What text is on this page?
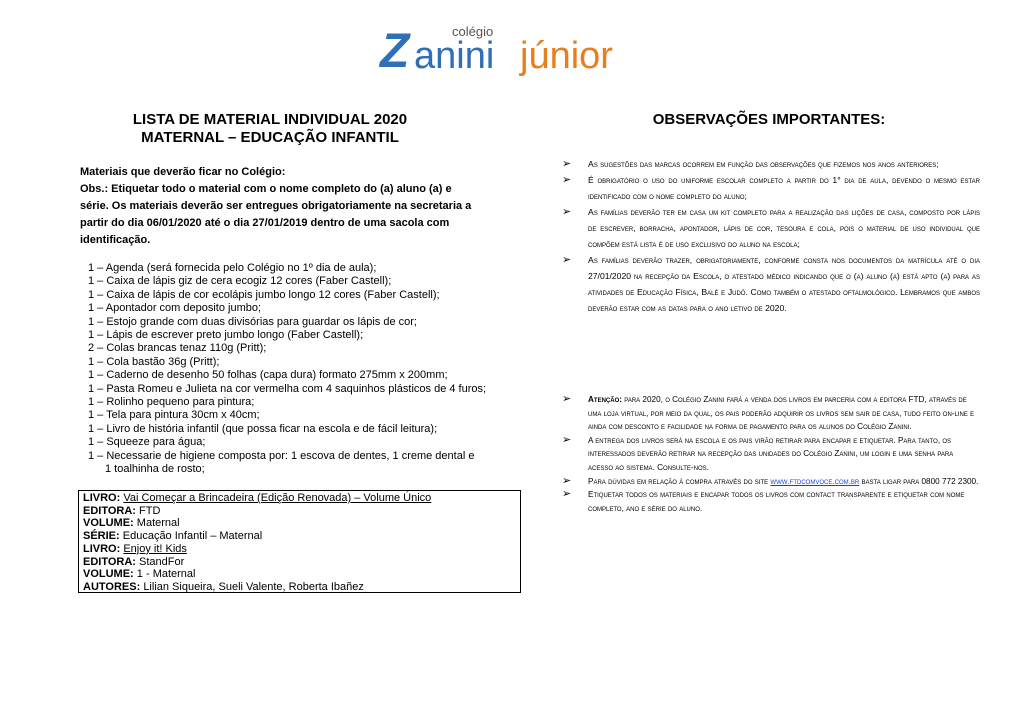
colégio
Z anini júnior
LISTA DE MATERIAL INDIVIDUAL 2020
MATERNAL – EDUCAÇÃO INFANTIL
Materiais que deverão ficar no Colégio:
Obs.: Etiquetar todo o material com o nome completo do (a) aluno (a) e série. Os materiais deverão ser entregues obrigatoriamente na secretaria a partir do dia 06/01/2020 até o dia 27/01/2019 dentro de uma sacola com identificação.
1 – Agenda (será fornecida pelo Colégio no 1º dia de aula);
1 – Caixa de lápis giz de cera ecogiz 12 cores (Faber Castell);
1 – Caixa de lápis de cor ecolápis jumbo longo 12 cores (Faber Castell);
1 – Apontador com deposito jumbo;
1 – Estojo grande com duas divisórias para guardar os lápis de cor;
1 – Lápis de escrever preto jumbo longo (Faber Castell);
2 – Colas brancas tenaz 110g (Pritt);
1 – Cola bastão 36g (Pritt);
1 – Caderno de desenho 50 folhas (capa dura) formato 275mm x 200mm;
1 – Pasta Romeu e Julieta na cor vermelha com 4 saquinhos plásticos de 4 furos;
1 – Rolinho pequeno para pintura;
1 – Tela para pintura 30cm x 40cm;
1 – Livro de história infantil (que possa ficar na escola e de fácil leitura);
1 – Squeeze para água;
1 – Necessarie de higiene composta por: 1 escova de dentes, 1 creme dental e
1 toalhinha de rosto;
LIVRO: Vai Começar a Brincadeira (Edição Renovada) – Volume Único
EDITORA: FTD
VOLUME: Maternal
SÉRIE: Educação Infantil – Maternal
LIVRO: Enjoy it! Kids
EDITORA: StandFor
VOLUME: 1 - Maternal
AUTORES: Lilian Siqueira, Sueli Valente, Roberta Ibañez
OBSERVAÇÕES IMPORTANTES:
➢ As sugestões das marcas ocorrem em função das observações que fizemos nos anos anteriores;
➢ É obrigatório o uso do uniforme escolar completo a partir do 1° dia de aula, devendo o mesmo estar identificado com o nome completo do aluno;
➢ As famílias deverão ter em casa um kit completo para a realização das lições de casa, composto por lápis de escrever, borracha, apontador, lápis de cor, tesoura e cola, pois o material de uso individual que compõem está lista é de uso exclusivo do aluno na escola;
➢ As famílias deverão trazer, obrigatoriamente, conforme consta nos documentos da matrícula até o dia 27/01/2020 na recepção da Escola, o atestado médico indicando que o (a) aluno (a) está apto (a) para as atividades de Educação Física, Balé e Judô. Como também o atestado oftalmológico. Lembramos que ambos deverão estar com as datas para o ano letivo de 2020.
➢ Atenção: para 2020, o Colégio Zanini fará a venda dos livros em parceria com a editora FTD, através de uma loja virtual, por meio da qual, os pais poderão adquirir os livros sem sair de casa, tudo feito on-line e ainda com desconto e facilidade na forma de pagamento para os alunos do Colégio Zanini.
➢ A entrega dos livros será na escola e os pais virão retirar para encapar e etiquetar. Para tanto, os interessados deverão retirar na recepção das unidades do Colégio Zanini, um login e uma senha para acesso ao sistema. Consulte-nos.
➢ Para dúvidas em relação à compra através do site www.ftdcomvoce.com.br basta ligar para 0800 772 2300.
➢ Etiquetar todos os materiais e encapar todos os livros com contact transparente e etiquetar com nome completo, ano e série do aluno.
